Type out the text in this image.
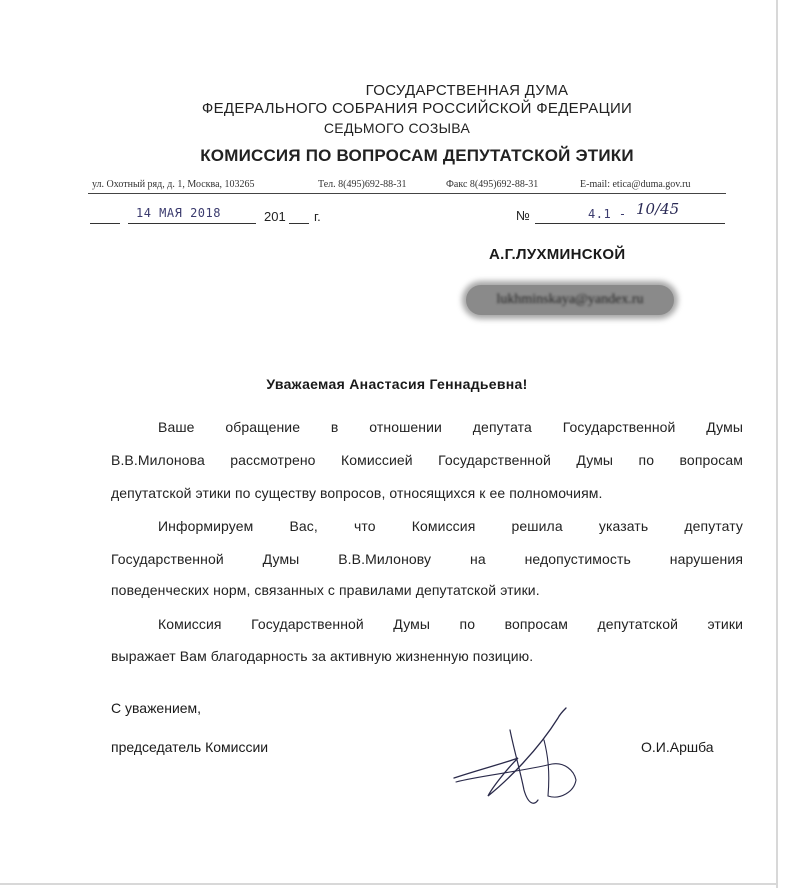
ГОСУДАРСТВЕННАЯ ДУМА
ФЕДЕРАЛЬНОГО СОБРАНИЯ РОССИЙСКОЙ ФЕДЕРАЦИИ
СЕДЬМОГО СОЗЫВА
КОМИССИЯ ПО ВОПРОСАМ ДЕПУТАТСКОЙ ЭТИКИ
ул. Охотный ряд, д. 1, Москва, 103265	Тел. 8(495)692-88-31	Факс 8(495)692-88-31	E-mail: etica@duma.gov.ru
14 МАЯ 2018	201 г.	№	4.1 - 10/45
А.Г.ЛУХМИНСКОЙ
lukhminskaya@yandex.ru
Уважаемая Анастасия Геннадьевна!
Ваше обращение в отношении депутата Государственной Думы
В.В.Милонова рассмотрено Комиссией Государственной Думы по вопросам
депутатской этики по существу вопросов, относящихся к ее полномочиям.
Информируем Вас, что Комиссия решила указать депутату
Государственной Думы В.В.Милонову на недопустимость нарушения
поведенческих норм, связанных с правилами депутатской этики.
Комиссия Государственной Думы по вопросам депутатской этики
выражает Вам благодарность за активную жизненную позицию.
С уважением,
председатель Комиссии	О.И.Аршба
